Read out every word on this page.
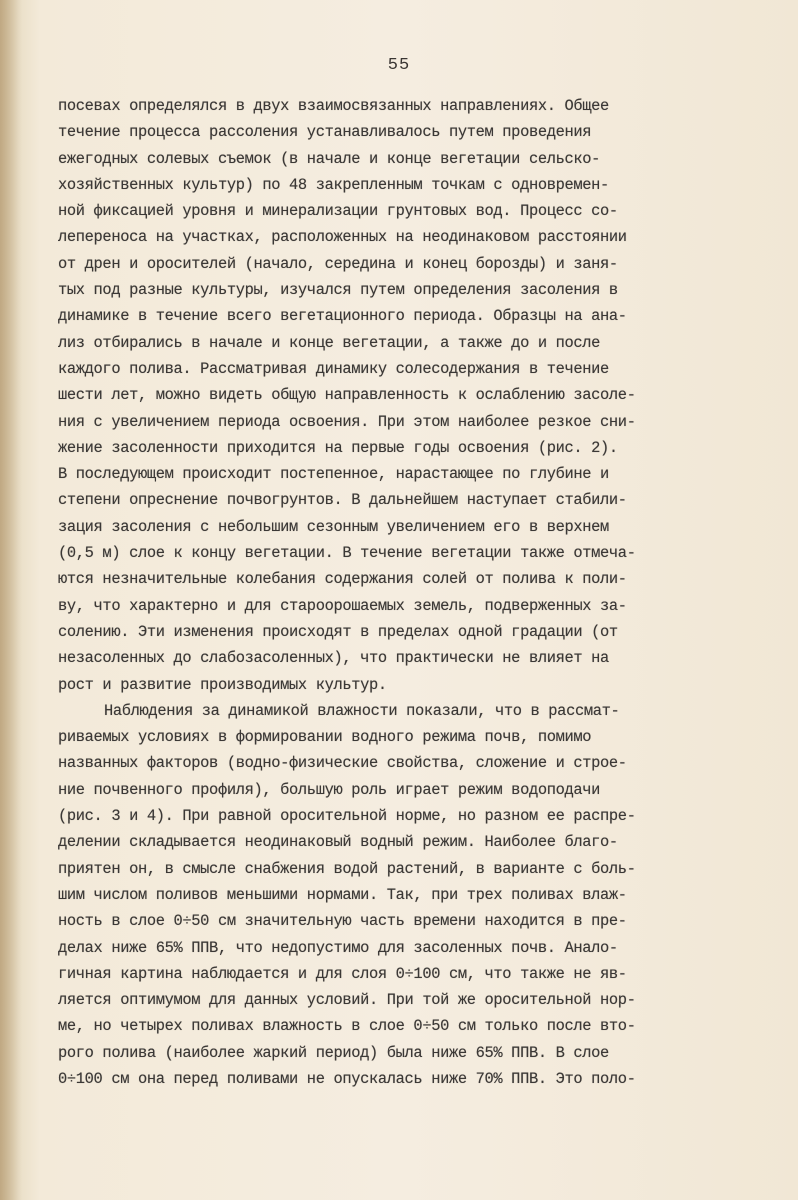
55
посевах определялся в двух взаимосвязанных направлениях. Общее
течение процесса рассоления устанавливалось путем проведения
ежегодных солевых съемок (в начале и конце вегетации сельско-
хозяйственных культур) по 48 закрепленным точкам с одновремен-
ной фиксацией уровня и минерализации грунтовых вод. Процесс со-
лепереноса на участках, расположенных на неодинаковом расстоянии
от дрен и оросителей (начало, середина и конец борозды) и заня-
тых под разные культуры, изучался путем определения засоления в
динамике в течение всего вегетационного периода. Образцы на ана-
лиз отбирались в начале и конце вегетации, а также до и после
каждого полива. Рассматривая динамику солесодержания в течение
шести лет, можно видеть общую направленность к ослаблению засоле-
ния с увеличением периода освоения. При этом наиболее резкое сни-
жение засоленности приходится на первые годы освоения (рис. 2).
В последующем происходит постепенное, нарастающее по глубине и
степени опреснение почвогрунтов. В дальнейшем наступает стабили-
зация засоления с небольшим сезонным увеличением его в верхнем
(0,5 м) слое к концу вегетации. В течение вегетации также отмеча-
ются незначительные колебания содержания солей от полива к поли-
ву, что характерно и для староорошаемых земель, подверженных за-
солению. Эти изменения происходят в пределах одной градации (от
незасоленных до слабозасоленных), что практически не влияет на
рост и развитие производимых культур.
Наблюдения за динамикой влажности показали, что в рассмат-
риваемых условиях в формировании водного режима почв, помимо
названных факторов (водно-физические свойства, сложение и строе-
ние почвенного профиля), большую роль играет режим водоподачи
(рис. 3 и 4). При равной оросительной норме, но разном ее распре-
делении складывается неодинаковый водный режим. Наиболее благо-
приятен он, в смысле снабжения водой растений, в варианте с боль-
шим числом поливов меньшими нормами. Так, при трех поливах влаж-
ность в слое 0÷50 см значительную часть времени находится в пре-
делах ниже 65% ППВ, что недопустимо для засоленных почв. Анало-
гичная картина наблюдается и для слоя 0÷100 см, что также не яв-
ляется оптимумом для данных условий. При той же оросительной нор-
ме, но четырех поливах влажность в слое 0÷50 см только после вто-
рого полива (наиболее жаркий период) была ниже 65% ППВ. В слое
0÷100 см она перед поливами не опускалась ниже 70% ППВ. Это поло-
